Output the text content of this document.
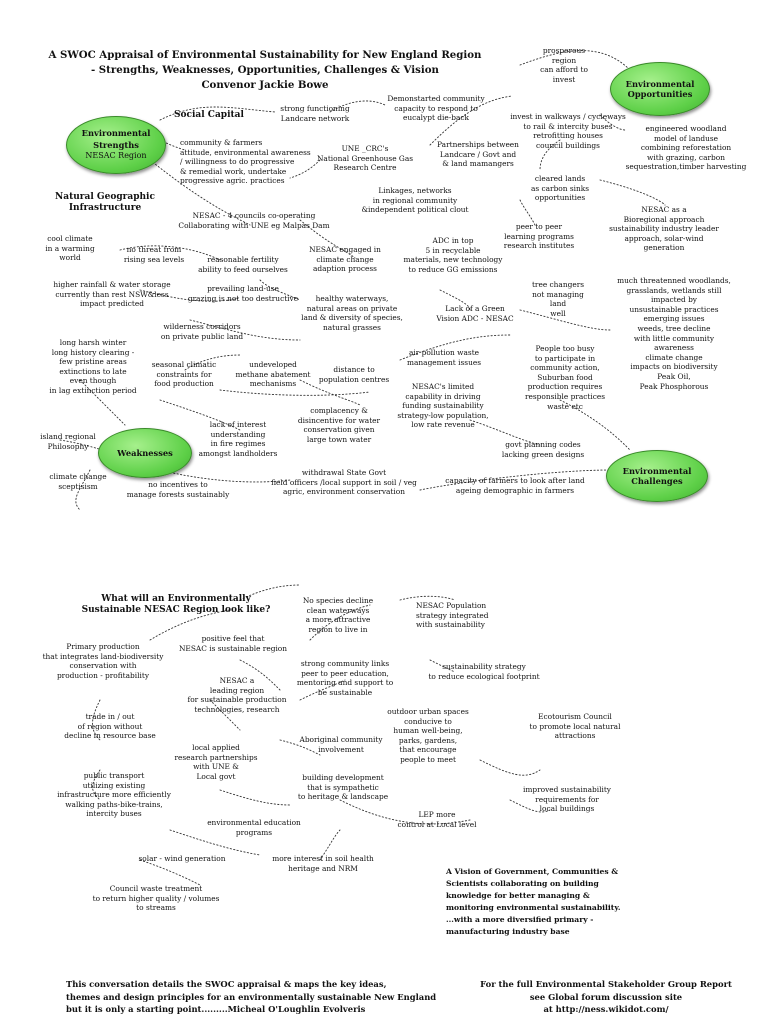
A SWOC Appraisal of Environmental Sustainability for New England Region
- Strengths, Weaknesses, Opportunities, Challenges & Vision
Convenor Jackie Bowe
Environmental
Strengths
NESAC Region
Environmental
Opportunities
Weaknesses
Environmental
Challenges
Social Capital
Natural Geographic
Infrastructure
strong functioning
Landcare network
Demonstarted community
capacity to respond to
eucalypt die-back
community & farmers
attitude, environmental awareness
/ willingness to do progressive
& remedial work, undertake
progressive agric. practices
UNE _CRC's
National Greenhouse Gas
Research Centre
Partnerships between
Landcare / Govt and
& land mamangers
Linkages, networks
in regional community
&independent political clout
NESAC - 4 councils co-operating
Collaborating with UNE eg Malpas Dam
cool climate
in a warming
world
no threat from
rising sea levels	reasonable fertility
ability to feed ourselves
NESAC engaged in
climate change
adaption process
ADC in top
5 in recyclable
materials, new technology
to reduce GG emissions
higher rainfall & water storage
currently than rest NSW&less
impact predicted
prevailing land-use
grazing is not too destructive	healthy waterways,
natural areas on private
land & diversity of species,
natural grasses
wilderness corridors
on private public land
Lack of a Green
Vision ADC - NESAC
prosperous
region
can afford to
invest
invest in walkways / cycleways
to rail & intercity buses
retrofitting houses
council buildings
engineered woodland
model of landuse
combining reforestation
with grazing, carbon
sequestration,timber harvesting
cleared lands
as carbon sinks
opportunities
NESAC as a
Bioregional approach
sustainability industry leader
approach, solar-wind
generation
peer to peer
learning programs
research institutes
tree changers
not managing
land
well
much threatenned woodlands,
grasslands, wetlands still
impacted by
unsustainable practices
emerging issues
weeds, tree decline
with little community
awareness
climate change
impacts on biodiversity
Peak Oil,
Peak Phosphorous
long harsh winter
long history clearing -
few pristine areas
extinctions to late
even though
in lag extinction period
seasonal climatic
constraints for
food production
undeveloped
methane abatement
mechanisms
distance to
population centres
air pollution waste
management issues
People too busy
to participate in
community action,
Suburban food
production requires
responsible practices
waste etc
island regional
Philosophy
lack of interest
understanding
in fire regimes
amongst landholders
complacency &
disincentive for water
conservation given
large town water
NESAC's limited
capability in driving
funding sustainability
strategy-low population,
low rate revenue
govt planning codes
lacking green designs
climate change
sceptisism	no incentives to
manage forests sustainably
withdrawal State Govt
field officers /local support in soil / veg
agric, environment conservation
capacity of farmers to look after land
ageing demographic in farmers
What will an Environmentally
Sustainable NESAC Region look like?
No species decline
clean waterways
a more attractive
region to live in
NESAC Population
strategy integrated
with sustainability
Primary production
that integrates land-biodiversity
conservation with
production - profitability
positive feel that
NESAC is sustainable region
strong community links
peer to peer education,
mentoring and support to
be sustainable
sustainability strategy
to reduce ecological footprint
NESAC a
leading region
for sustainable production
technologies, research
trade in / out
of region without
decline in resource base
outdoor urban spaces
conducive to
human well-being,
parks, gardens,
that encourage
people to meet
Ecotourism Council
to promote local natural
attractions
Aboriginal community
involvement
local applied
research partnerships
with UNE &
Local govt
public transport
utilizing existing
infrastructure more efficiently
walking paths-bike-trains,
intercity buses
building development
that is sympathetic
to heritage & landscape
improved sustainability
requirements for
local buildings
environmental education
programs
LEP more
control at Local level
solar - wind generation	more interest in soil health
heritage and NRM
Council waste treatment
to return higher quality / volumes
to streams
A Vision of Government, Communities &
Scientists collaborating on building
knowledge for better managing &
monitoring environmental sustainability.
...with a more diversified primary -
manufacturing industry base
This conversation details the SWOC appraisal & maps the key ideas,
themes and design principles for an environmentally sustainable New England
but it is only a starting point.........Micheal O'Loughlin Evolveris
For the full Environmental Stakeholder Group Report
see Global forum discussion site
at http://ness.wikidot.com/
